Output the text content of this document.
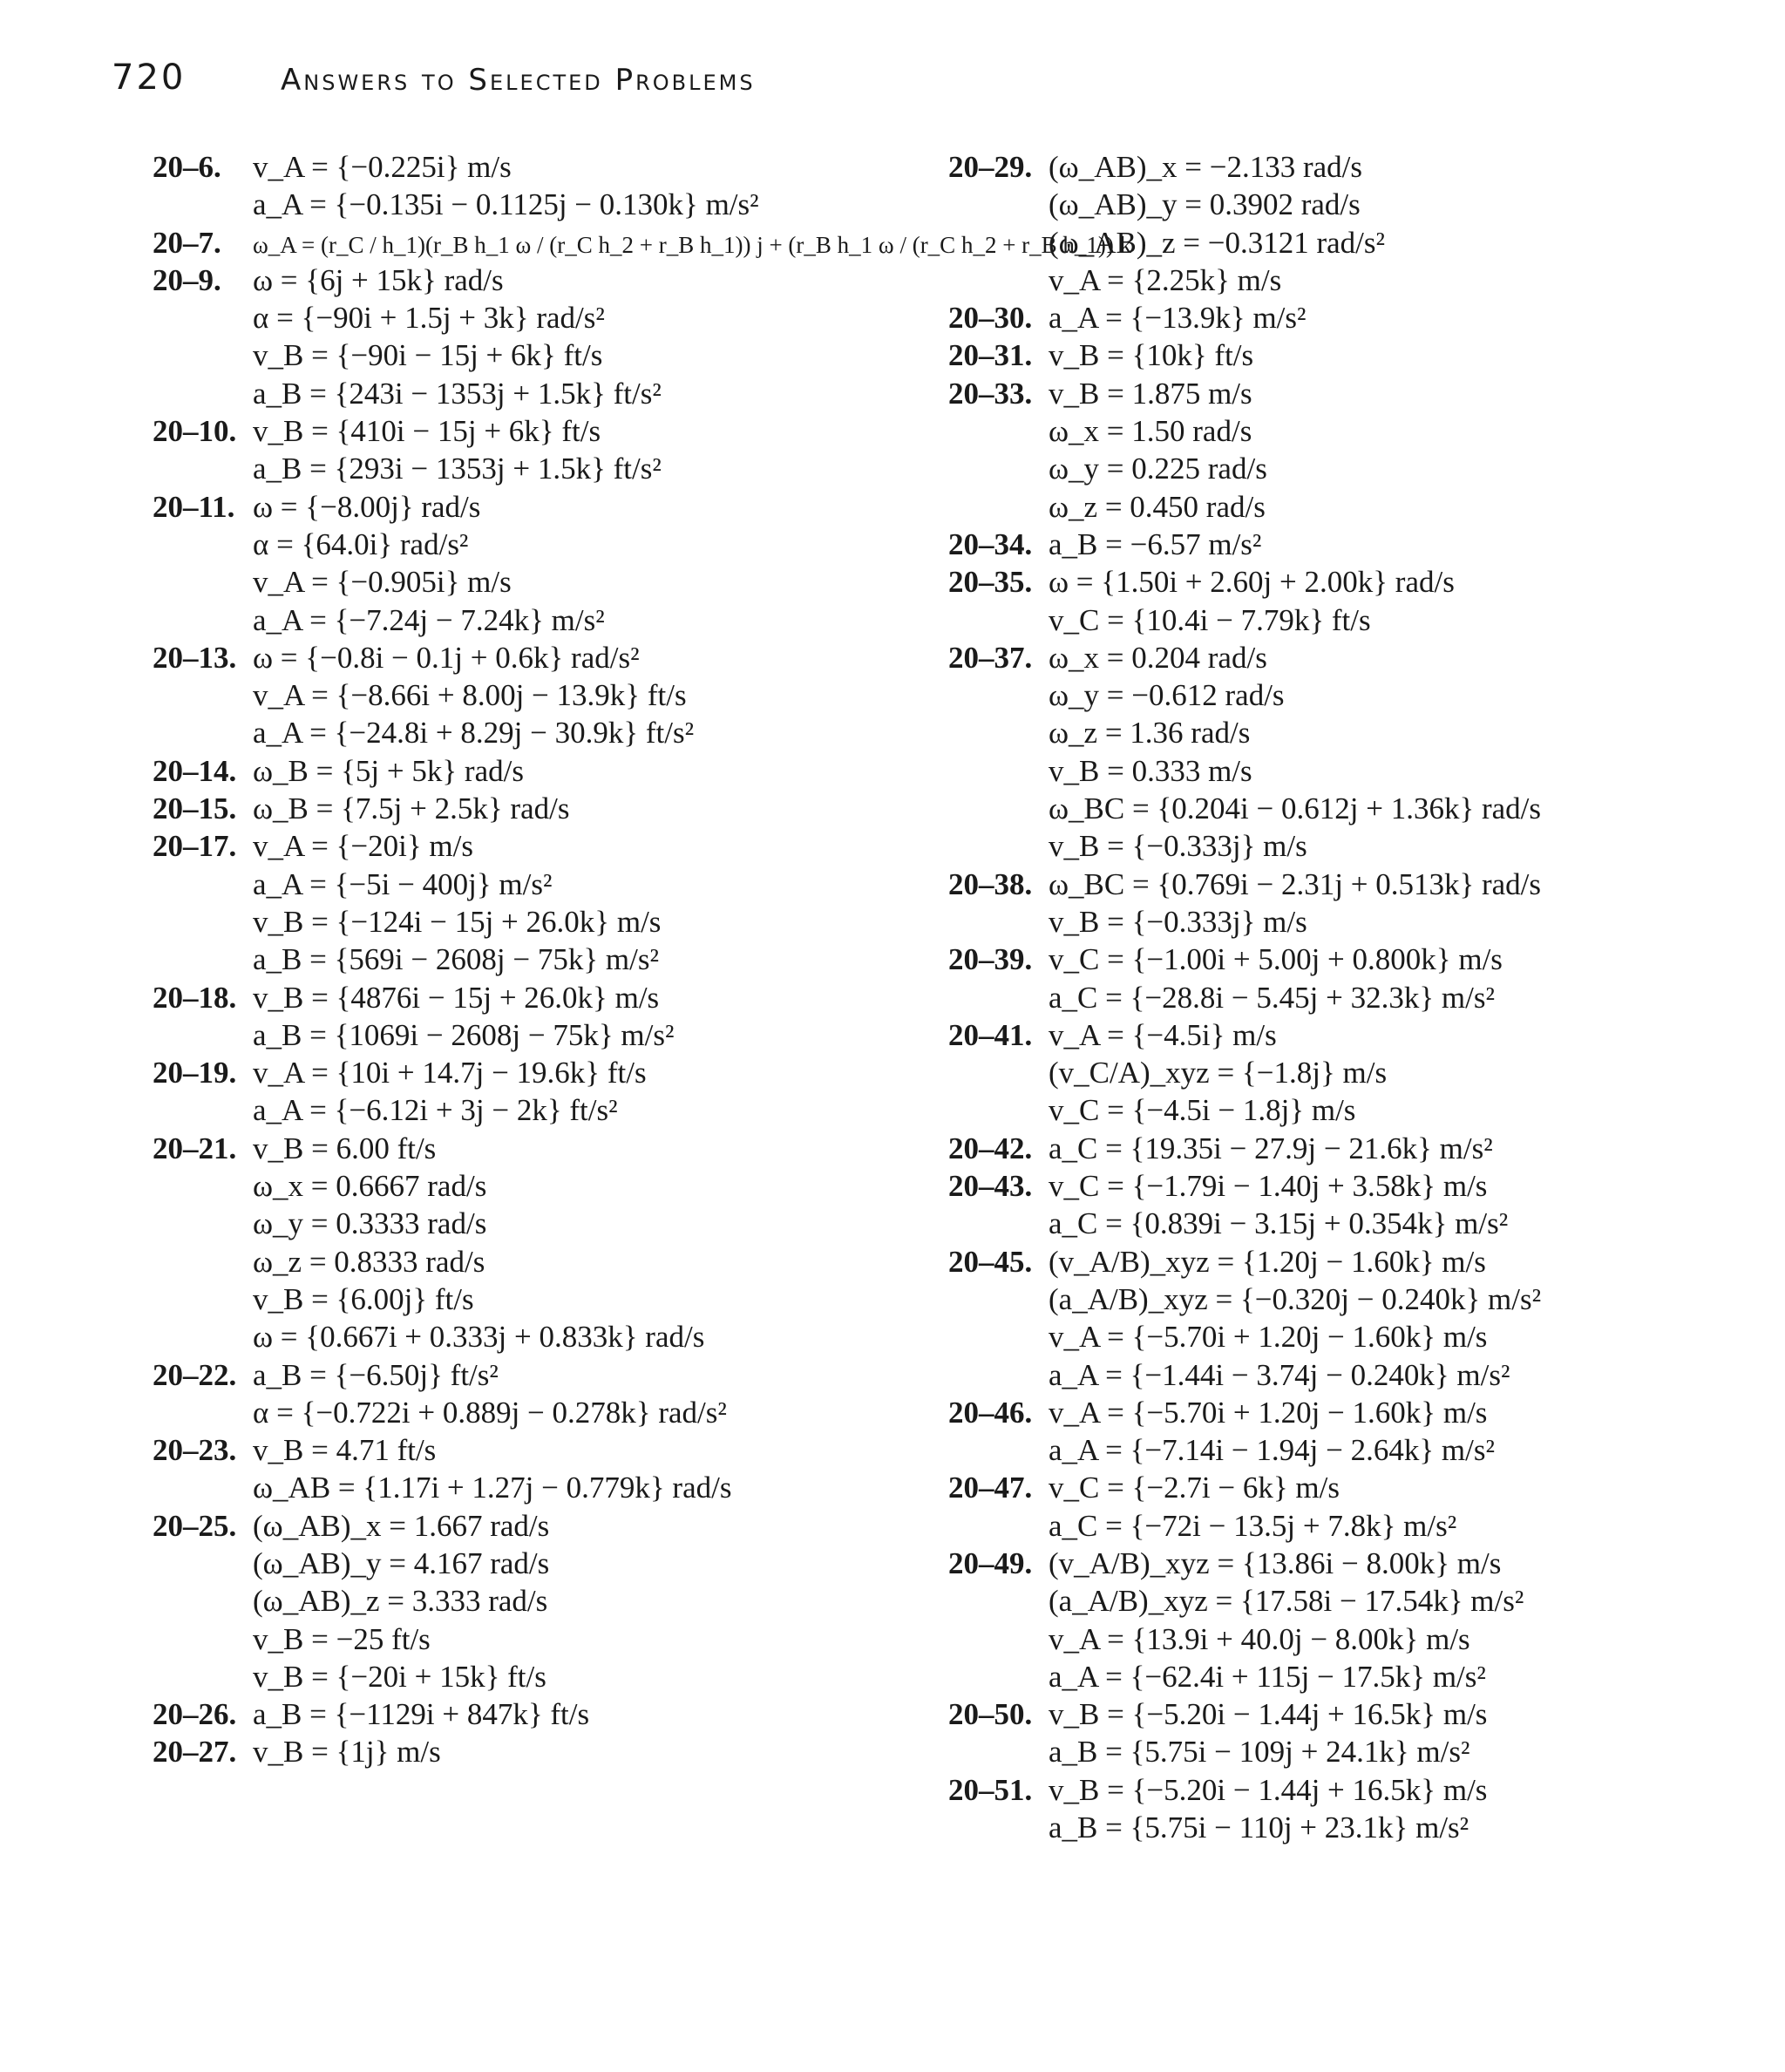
720	Answers to Selected Problems
20–6. v_A = {−0.225i} m/s
a_A = {−0.135i − 0.1125j − 0.130k} m/s²
20–7. ω_A = (r_C / h_1)(r_B h_1 ω / (r_C h_2 + r_B h_1)) j + (r_B h_1 ω / (r_C h_2 + r_B h_1)) k
20–9. ω = {6j + 15k} rad/s
α = {−90i + 1.5j + 3k} rad/s²
v_B = {−90i − 15j + 6k} ft/s
a_B = {243i − 1353j + 1.5k} ft/s²
20–10. v_B = {410i − 15j + 6k} ft/s
a_B = {293i − 1353j + 1.5k} ft/s²
20–11. ω = {−8.00j} rad/s
α = {64.0i} rad/s²
v_A = {−0.905i} m/s
a_A = {−7.24j − 7.24k} m/s²
20–13. ω = {−0.8i − 0.1j + 0.6k} rad/s²
v_A = {−8.66i + 8.00j − 13.9k} ft/s
a_A = {−24.8i + 8.29j − 30.9k} ft/s²
20–14. ω_B = {5j + 5k} rad/s
20–15. ω_B = {7.5j + 2.5k} rad/s
20–17. v_A = {−20i} m/s
a_A = {−5i − 400j} m/s²
v_B = {−124i − 15j + 26.0k} m/s
a_B = {569i − 2608j − 75k} m/s²
20–18. v_B = {4876i − 15j + 26.0k} m/s
a_B = {1069i − 2608j − 75k} m/s²
20–19. v_A = {10i + 14.7j − 19.6k} ft/s
a_A = {−6.12i + 3j − 2k} ft/s²
20–21. v_B = 6.00 ft/s
ω_x = 0.6667 rad/s
ω_y = 0.3333 rad/s
ω_z = 0.8333 rad/s
v_B = {6.00j} ft/s
ω = {0.667i + 0.333j + 0.833k} rad/s
20–22. a_B = {−6.50j} ft/s²
α = {−0.722i + 0.889j − 0.278k} rad/s²
20–23. v_B = 4.71 ft/s
ω_AB = {1.17i + 1.27j − 0.779k} rad/s
20–25. (ω_AB)_x = 1.667 rad/s
(ω_AB)_y = 4.167 rad/s
(ω_AB)_z = 3.333 rad/s
v_B = −25 ft/s
v_B = {−20i + 15k} ft/s
20–26. a_B = {−1129i + 847k} ft/s
20–27. v_B = {1j} m/s
20–29. (ω_AB)_x = −2.133 rad/s
(ω_AB)_y = 0.3902 rad/s
(ω_AB)_z = −0.3121 rad/s²
v_A = {2.25k} m/s
20–30. a_A = {−13.9k} m/s²
20–31. v_B = {10k} ft/s
20–33. v_B = 1.875 m/s
ω_x = 1.50 rad/s
ω_y = 0.225 rad/s
ω_z = 0.450 rad/s
20–34. a_B = −6.57 m/s²
20–35. ω = {1.50i + 2.60j + 2.00k} rad/s
v_C = {10.4i − 7.79k} ft/s
20–37. ω_x = 0.204 rad/s
ω_y = −0.612 rad/s
ω_z = 1.36 rad/s
v_B = 0.333 m/s
ω_BC = {0.204i − 0.612j + 1.36k} rad/s
v_B = {−0.333j} m/s
20–38. ω_BC = {0.769i − 2.31j + 0.513k} rad/s
v_B = {−0.333j} m/s
20–39. v_C = {−1.00i + 5.00j + 0.800k} m/s
a_C = {−28.8i − 5.45j + 32.3k} m/s²
20–41. v_A = {−4.5i} m/s
(v_C/A)_xyz = {−1.8j} m/s
v_C = {−4.5i − 1.8j} m/s
20–42. a_C = {19.35i − 27.9j − 21.6k} m/s²
20–43. v_C = {−1.79i − 1.40j + 3.58k} m/s
a_C = {0.839i − 3.15j + 0.354k} m/s²
20–45. (v_A/B)_xyz = {1.20j − 1.60k} m/s
(a_A/B)_xyz = {−0.320j − 0.240k} m/s²
v_A = {−5.70i + 1.20j − 1.60k} m/s
a_A = {−1.44i − 3.74j − 0.240k} m/s²
20–46. v_A = {−5.70i + 1.20j − 1.60k} m/s
a_A = {−7.14i − 1.94j − 2.64k} m/s²
20–47. v_C = {−2.7i − 6k} m/s
a_C = {−72i − 13.5j + 7.8k} m/s²
20–49. (v_A/B)_xyz = {13.86i − 8.00k} m/s
(a_A/B)_xyz = {17.58i − 17.54k} m/s²
v_A = {13.9i + 40.0j − 8.00k} m/s
a_A = {−62.4i + 115j − 17.5k} m/s²
20–50. v_B = {−5.20i − 1.44j + 16.5k} m/s
a_B = {5.75i − 109j + 24.1k} m/s²
20–51. v_B = {−5.20i − 1.44j + 16.5k} m/s
a_B = {5.75i − 110j + 23.1k} m/s²
